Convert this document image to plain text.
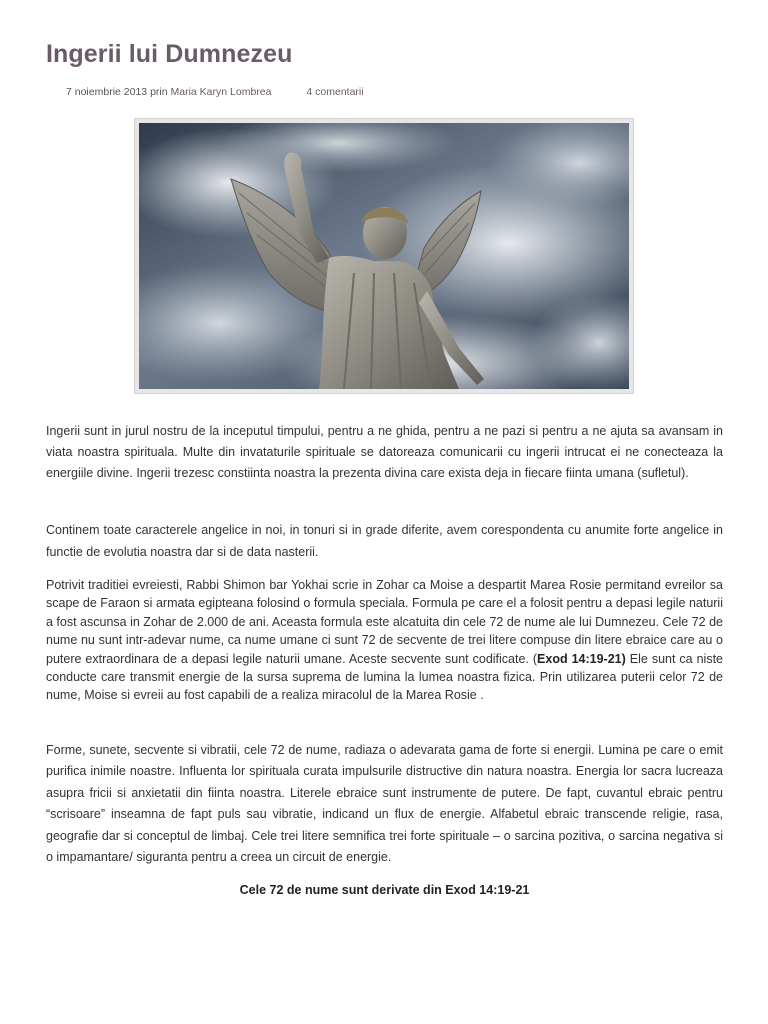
Ingerii lui Dumnezeu
7 noiembrie 2013 prin Maria Karyn Lombrea	4 comentarii

Ingerii sunt in jurul nostru de la inceputul timpului, pentru a ne ghida, pentru a ne pazi si pentru a ne ajuta sa avansam in viata noastra spirituala. Multe din invataturile spirituale se datoreaza comunicarii cu ingerii intrucat ei ne conecteaza la energiile divine. Ingerii trezesc constiinta noastra la prezenta divina care exista deja in fiecare fiinta umana (sufletul).

Continem toate caracterele angelice in noi, in tonuri si in grade diferite, avem corespondenta cu anumite forte angelice in functie de evolutia noastra dar si de data nasterii.

Potrivit traditiei evreiesti, Rabbi Shimon bar Yokhai scrie in Zohar ca Moise a despartit Marea Rosie permitand evreilor sa scape de Faraon si armata egipteana folosind o formula speciala. Formula pe care el a folosit pentru a depasi legile naturii a fost ascunsa in Zohar de 2.000 de ani. Aceasta formula este alcatuita din cele 72 de nume ale lui Dumnezeu. Cele 72 de nume nu sunt intr-adevar nume, ca nume umane ci sunt 72 de secvente de trei litere compuse din litere ebraice care au o putere extraordinara de a depasi legile naturii umane. Aceste secvente sunt codificate. (Exod 14:19-21) Ele sunt ca niste conducte care transmit energie de la sursa suprema de lumina la lumea noastra fizica. Prin utilizarea puterii celor 72 de nume, Moise si evreii au fost capabili de a realiza miracolul de la Marea Rosie .

Forme, sunete, secvente si vibratii, cele 72 de nume, radiaza o adevarata gama de forte si energii. Lumina pe care o emit purifica inimile noastre. Influenta lor spirituala curata impulsurile distructive din natura noastra. Energia lor sacra lucreaza asupra fricii si anxietatii din fiinta noastra. Literele ebraice sunt instrumente de putere. De fapt, cuvantul ebraic pentru “scrisoare” inseamna de fapt puls sau vibratie, indicand un flux de energie. Alfabetul ebraic transcende religie, rasa, geografie dar si conceptul de limbaj. Cele trei litere semnifica trei forte spirituale – o sarcina pozitiva, o sarcina negativa si o impamantare/ siguranta pentru a creea un circuit de energie.

Cele 72 de nume sunt derivate din Exod 14:19-21
